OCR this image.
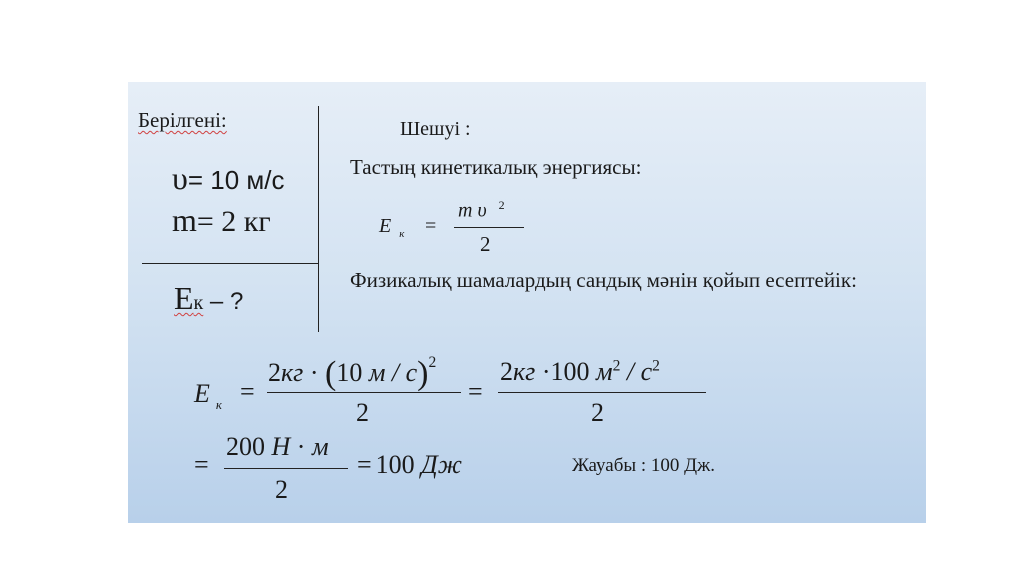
Берілгені:
υ= 10 м/с
m= 2 кг
Eк – ?
Шешуі :
Тастың кинетикалық энергиясы:
E $_к$ =
m υ $^2$
2
Физикалық шамалардың сандық мәнін қойып есептейік:
E $_к$ =
2кг · (10 м / с)$^2$
2
=
2кг ·100 $м^2 / с^2$
2
=
200 Н · м
2
= 100 Дж	Жауабы : 100 Дж.
